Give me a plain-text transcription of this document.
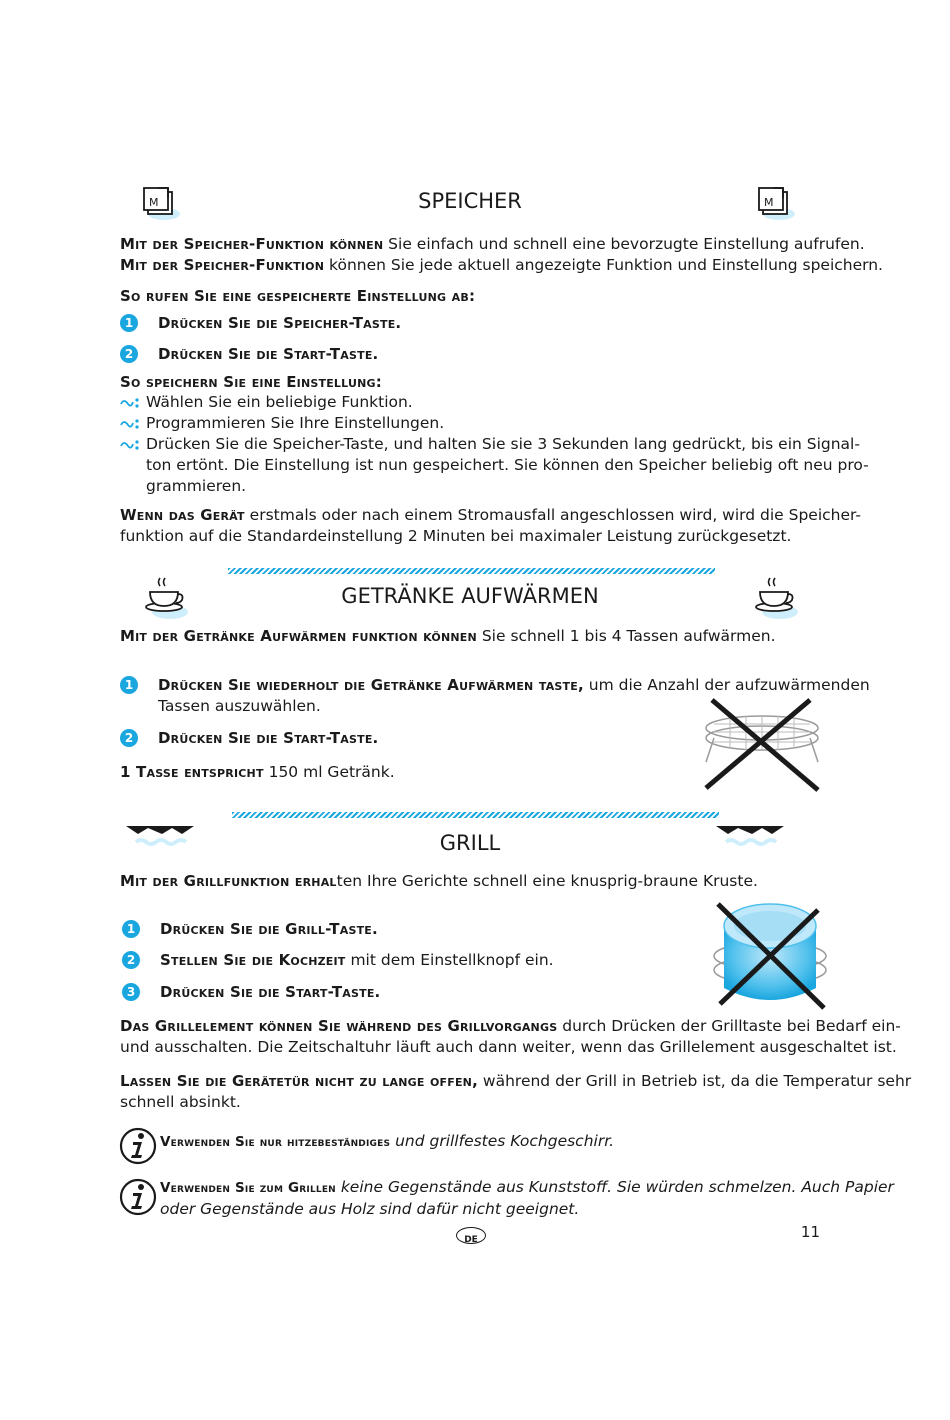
M	M
SPEICHER
Mit der Speicher-Funktion können Sie einfach und schnell eine bevorzugte Einstellung aufrufen.
Mit der Speicher-Funktion können Sie jede aktuell angezeigte Funktion und Einstellung speichern.
So rufen Sie eine gespeicherte Einstellung ab:
1	Drücken Sie die Speicher-Taste.
2	Drücken Sie die Start-Taste.
So speichern Sie eine Einstellung:
Wählen Sie ein beliebige Funktion.
Programmieren Sie Ihre Einstellungen.
Drücken Sie die Speicher-Taste, und halten Sie sie 3 Sekunden lang gedrückt, bis ein Signal-
ton ertönt. Die Einstellung ist nun gespeichert. Sie können den Speicher beliebig oft neu pro-
grammieren.
Wenn das Gerät erstmals oder nach einem Stromausfall angeschlossen wird, wird die Speicher-
funktion auf die Standardeinstellung 2 Minuten bei maximaler Leistung zurückgesetzt.
GETRÄNKE AUFWÄRMEN
Mit der Getränke Aufwärmen funktion können Sie schnell 1 bis 4 Tassen aufwärmen.
1	Drücken Sie wiederholt die Getränke Aufwärmen taste, um die Anzahl der aufzuwärmenden
Tassen auszuwählen.
2	Drücken Sie die Start-Taste.
1 Tasse entspricht 150 ml Getränk.
GRILL
Mit der Grillfunktion erhalten Ihre Gerichte schnell eine knusprig-braune Kruste.
1	Drücken Sie die Grill-Taste.
2	Stellen Sie die Kochzeit mit dem Einstellknopf ein.
3	Drücken Sie die Start-Taste.
Das Grillelement können Sie während des Grillvorgangs durch Drücken der Grilltaste bei Bedarf ein-
und ausschalten. Die Zeitschaltuhr läuft auch dann weiter, wenn das Grillelement ausgeschaltet ist.
Lassen Sie die Gerätetür nicht zu lange offen, während der Grill in Betrieb ist, da die Temperatur sehr
schnell absinkt.
Verwenden Sie nur hitzebeständiges und grillfestes Kochgeschirr.
Verwenden Sie zum Grillen keine Gegenstände aus Kunststoff. Sie würden schmelzen. Auch Papier
oder Gegenstände aus Holz sind dafür nicht geeignet.
DE	11
